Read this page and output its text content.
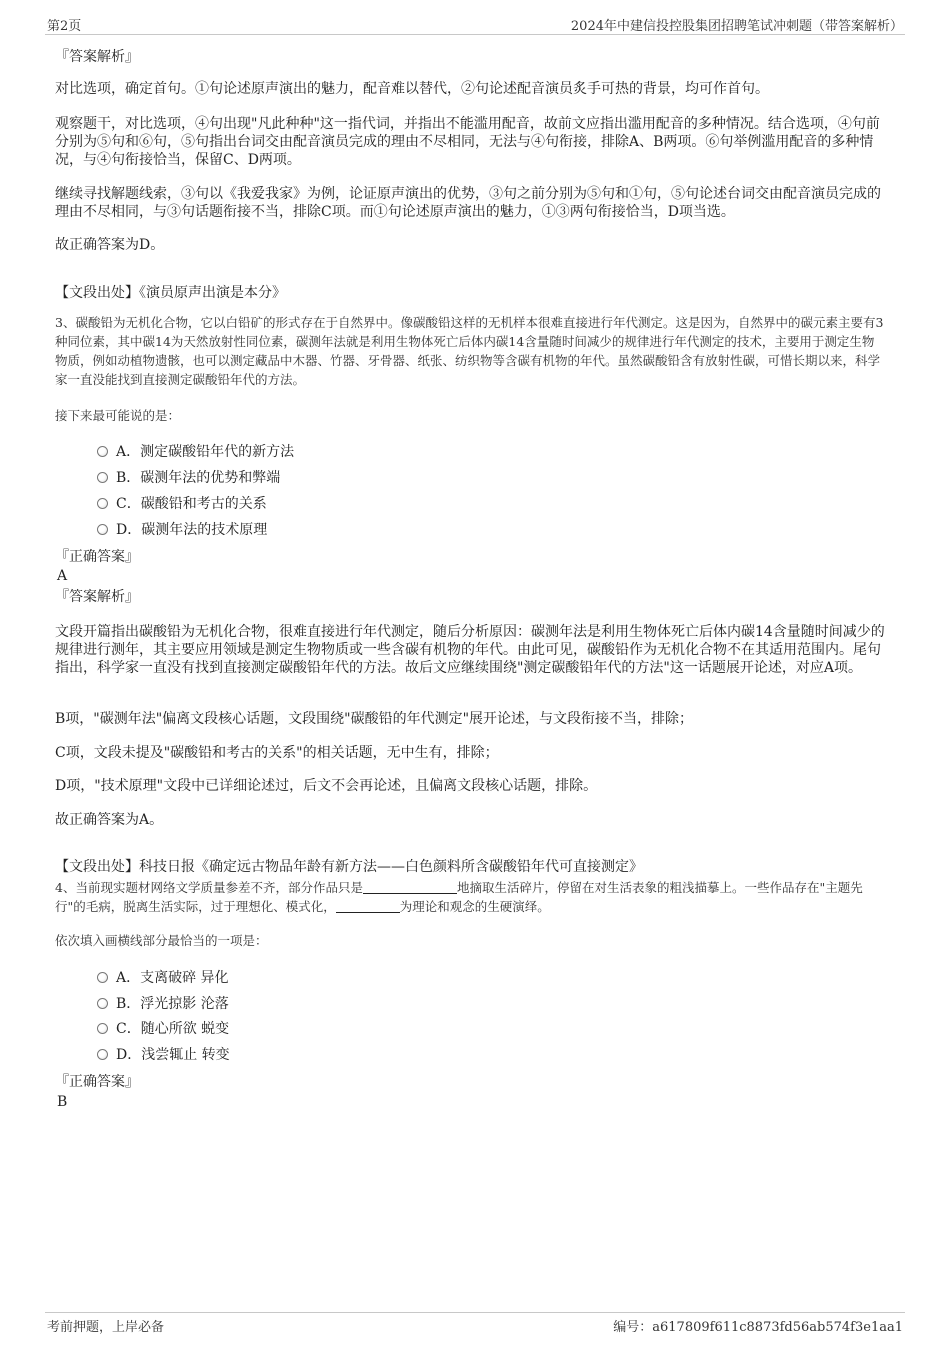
第2页	2024年中建信投控股集团招聘笔试冲刺题（带答案解析）

『答案解析』

对比选项，确定首句。①句论述原声演出的魅力，配音难以替代，②句论述配音演员炙手可热的背景，均可作首句。

观察题干，对比选项，④句出现"凡此种种"这一指代词，并指出不能滥用配音，故前文应指出滥用配音的多种情况。结合选项，④句前分别为⑤句和⑥句，⑤句指出台词交由配音演员完成的理由不尽相同，无法与④句衔接，排除A、B两项。⑥句举例滥用配音的多种情况，与④句衔接恰当，保留C、D两项。

继续寻找解题线索，③句以《我爱我家》为例，论证原声演出的优势，③句之前分别为⑤句和①句，⑤句论述台词交由配音演员完成的理由不尽相同，与③句话题衔接不当，排除C项。而①句论述原声演出的魅力，①③两句衔接恰当，D项当选。

故正确答案为D。

【文段出处】《演员原声出演是本分》

3、碳酸铅为无机化合物，它以白铅矿的形式存在于自然界中。像碳酸铅这样的无机样本很难直接进行年代测定。这是因为，自然界中的碳元素主要有3种同位素，其中碳14为天然放射性同位素，碳测年法就是利用生物体死亡后体内碳14含量随时间减少的规律进行年代测定的技术，主要用于测定生物物质，例如动植物遗骸，也可以测定藏品中木器、竹器、牙骨器、纸张、纺织物等含碳有机物的年代。虽然碳酸铅含有放射性碳，可惜长期以来，科学家一直没能找到直接测定碳酸铅年代的方法。

接下来最可能说的是：

A．测定碳酸铅年代的新方法
B．碳测年法的优势和弊端
C．碳酸铅和考古的关系
D．碳测年法的技术原理

『正确答案』

A

『答案解析』

文段开篇指出碳酸铅为无机化合物，很难直接进行年代测定，随后分析原因：碳测年法是利用生物体死亡后体内碳14含量随时间减少的规律进行测年，其主要应用领域是测定生物物质或一些含碳有机物的年代。由此可见，碳酸铅作为无机化合物不在其适用范围内。尾句指出，科学家一直没有找到直接测定碳酸铅年代的方法。故后文应继续围绕"测定碳酸铅年代的方法"这一话题展开论述，对应A项。

B项，"碳测年法"偏离文段核心话题，文段围绕"碳酸铅的年代测定"展开论述，与文段衔接不当，排除；

C项，文段未提及"碳酸铅和考古的关系"的相关话题，无中生有，排除；

D项，"技术原理"文段中已详细论述过，后文不会再论述，且偏离文段核心话题，排除。

故正确答案为A。

【文段出处】科技日报《确定远古物品年龄有新方法——白色颜料所含碳酸铅年代可直接测定》

4、当前现实题材网络文学质量参差不齐，部分作品只是	地摘取生活碎片，停留在对生活表象的粗浅描摹上。一些作品存在"主题先行"的毛病，脱离生活实际，过于理想化、模式化，	为理论和观念的生硬演绎。

依次填入画横线部分最恰当的一项是：

A．支离破碎 异化
B．浮光掠影 沦落
C．随心所欲 蜕变
D．浅尝辄止 转变

『正确答案』

B

考前押题，上岸必备	编号：a617809f611c8873fd56ab574f3e1aa1
